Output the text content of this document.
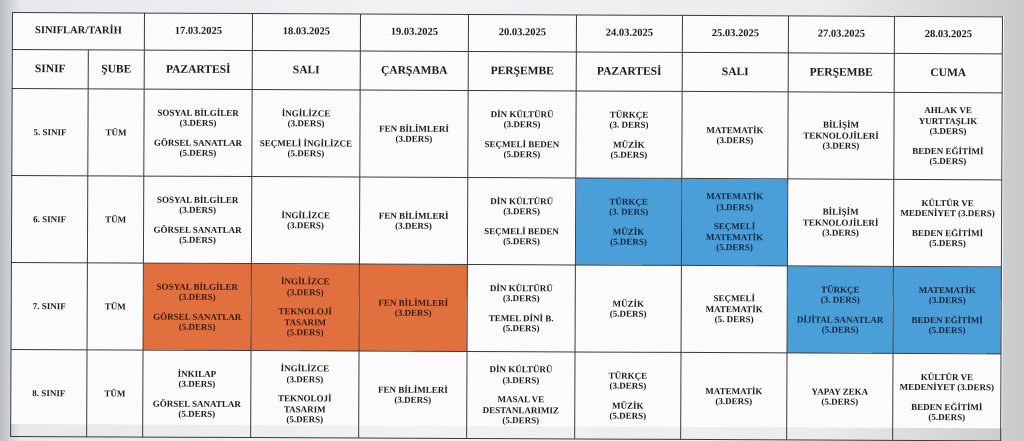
SINIFLAR/TARİH		17.03.2025	18.03.2025	19.03.2025	20.03.2025	24.03.2025	25.03.2025	27.03.2025	28.03.2025
SINIF	ŞUBE	PAZARTESİ	SALI	ÇARŞAMBA	PERŞEMBE	PAZARTESİ	SALI	PERŞEMBE	CUMA
5. SINIF	TÜM	SOSYAL BİLGİLER
(3.DERS)
GÖRSEL SANATLAR
(5.DERS)	İNGİLİZCE
(3.DERS)
SEÇMELİ İNGİLİZCE
(5.DERS)	FEN BİLİMLERİ
(3.DERS)	DİN KÜLTÜRÜ
(3.DERS)
SEÇMELİ BEDEN
(5.DERS)	TÜRKÇE
(3. DERS)
MÜZİK
(5.DERS)	MATEMATİK
(3.DERS)	BİLİŞİM
TEKNOLOJİLERİ
(3.DERS)	AHLAK VE
YURTTAŞLIK
(3.DERS)
BEDEN EĞİTİMİ
(5.DERS)

6. SINIF	TÜM	SOSYAL BİLGİLER
(3.DERS)
GÖRSEL SANATLAR
(5.DERS)	İNGİLİZCE
(3.DERS)	FEN BİLİMLERİ
(3.DERS)	DİN KÜLTÜRÜ
(3.DERS)
SEÇMELİ BEDEN
(5.DERS)	TÜRKÇE
(3. DERS)
MÜZİK
(5.DERS)	MATEMATİK
(3.DERS)
SEÇMELİ
MATEMATİK
(5.DERS)	BİLİŞİM
TEKNOLOJİLERİ
(3.DERS)	KÜLTÜR VE
MEDENİYET (3.DERS)
BEDEN EĞİTİMİ
(5.DERS)

7. SINIF	TÜM	SOSYAL BİLGİLER
(3.DERS)
GÖRSEL SANATLAR
(5.DERS)	İNGİLİZCE
(3.DERS)
TEKNOLOJİ
TASARIM
(5.DERS)	FEN BİLİMLERİ
(3.DERS)	DİN KÜLTÜRÜ
(3.DERS)
TEMEL DİNİ B.
(5.DERS)	MÜZİK
(5.DERS)	SEÇMELİ
MATEMATİK
(5. DERS)	TÜRKÇE
(3. DERS)
DİJİTAL SANATLAR
(5.DERS)	MATEMATİK
(3.DERS)
BEDEN EĞİTİMİ
(5.DERS)

8. SINIF	TÜM	İNKILAP
(3.DERS)
GÖRSEL SANATLAR
(5.DERS)	İNGİLİZCE
(3.DERS)
TEKNOLOJİ
TASARIM
(5.DERS)	FEN BİLİMLERİ
(3.DERS)	DİN KÜLTÜRÜ
(3.DERS)
MASAL VE
DESTANLARIMIZ
(5.DERS)	TÜRKÇE
(3.DERS)
MÜZİK
(5.DERS)	MATEMATİK
(3.DERS)	YAPAY ZEKA
(5.DERS)	KÜLTÜR VE
MEDENİYET (3.DERS)
BEDEN EĞİTİMİ
(5.DERS)
